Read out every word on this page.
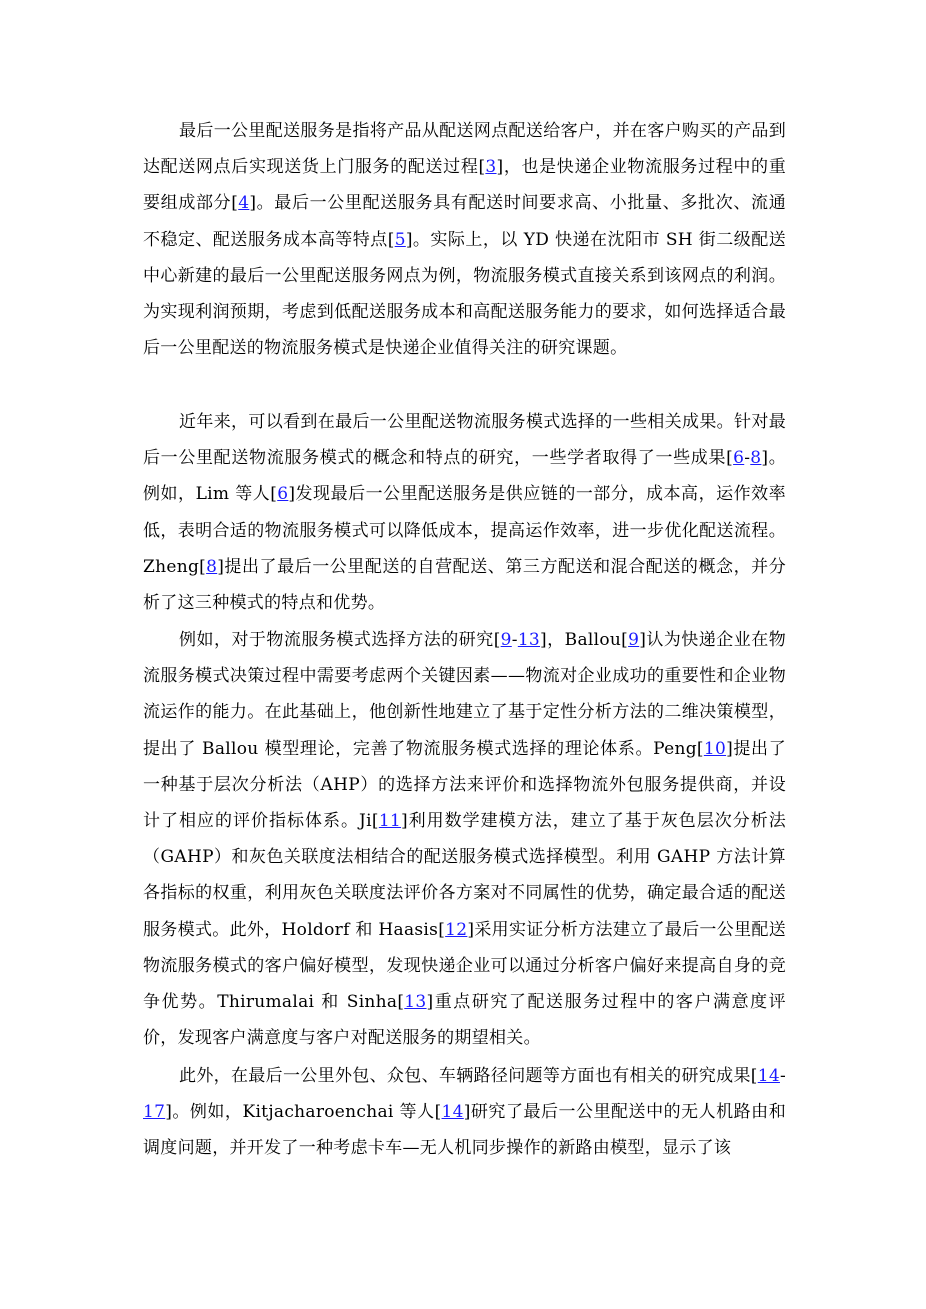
最后一公里配送服务是指将产品从配送网点配送给客户，并在客户购买的产品到达配送网点后实现送货上门服务的配送过程[3]，也是快递企业物流服务过程中的重要组成部分[4]。最后一公里配送服务具有配送时间要求高、小批量、多批次、流通不稳定、配送服务成本高等特点[5]。实际上，以 YD 快递在沈阳市 SH 街二级配送中心新建的最后一公里配送服务网点为例，物流服务模式直接关系到该网点的利润。为实现利润预期，考虑到低配送服务成本和高配送服务能力的要求，如何选择适合最后一公里配送的物流服务模式是快递企业值得关注的研究课题。

近年来，可以看到在最后一公里配送物流服务模式选择的一些相关成果。针对最后一公里配送物流服务模式的概念和特点的研究，一些学者取得了一些成果[6-8]。例如，Lim 等人[6]发现最后一公里配送服务是供应链的一部分，成本高，运作效率低，表明合适的物流服务模式可以降低成本，提高运作效率，进一步优化配送流程。Zheng[8]提出了最后一公里配送的自营配送、第三方配送和混合配送的概念，并分析了这三种模式的特点和优势。

例如，对于物流服务模式选择方法的研究[9-13]，Ballou[9]认为快递企业在物流服务模式决策过程中需要考虑两个关键因素——物流对企业成功的重要性和企业物流运作的能力。在此基础上，他创新性地建立了基于定性分析方法的二维决策模型，提出了 Ballou 模型理论，完善了物流服务模式选择的理论体系。Peng[10]提出了一种基于层次分析法（AHP）的选择方法来评价和选择物流外包服务提供商，并设计了相应的评价指标体系。Ji[11]利用数学建模方法，建立了基于灰色层次分析法（GAHP）和灰色关联度法相结合的配送服务模式选择模型。利用 GAHP 方法计算各指标的权重，利用灰色关联度法评价各方案对不同属性的优势，确定最合适的配送服务模式。此外，Holdorf 和 Haasis[12]采用实证分析方法建立了最后一公里配送物流服务模式的客户偏好模型，发现快递企业可以通过分析客户偏好来提高自身的竞争优势。Thirumalai 和 Sinha[13]重点研究了配送服务过程中的客户满意度评价，发现客户满意度与客户对配送服务的期望相关。

此外，在最后一公里外包、众包、车辆路径问题等方面也有相关的研究成果[14-17]。例如，Kitjacharoenchai 等人[14]研究了最后一公里配送中的无人机路由和调度问题，并开发了一种考虑卡车—无人机同步操作的新路由模型，显示了该
